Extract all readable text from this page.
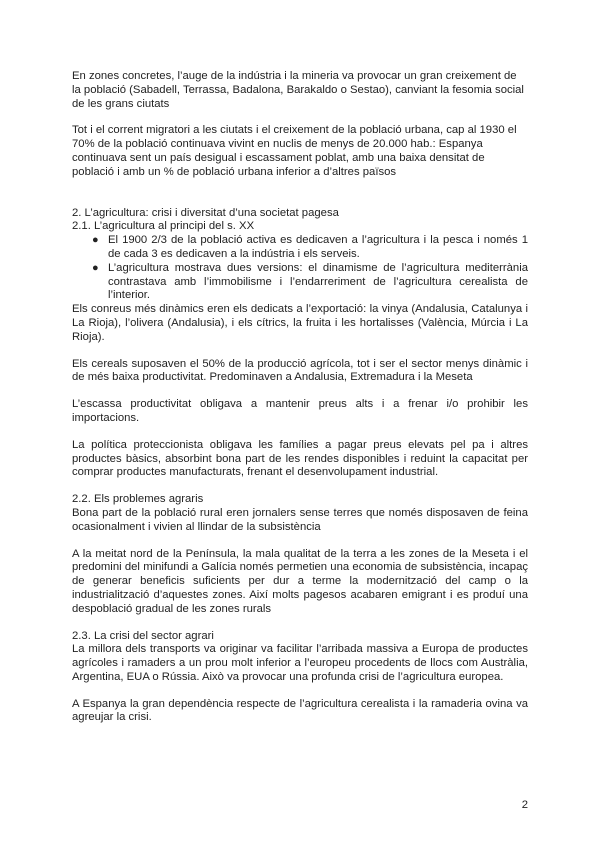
En zones concretes, l’auge de la indústria i la mineria va provocar un gran creixement de la població (Sabadell, Terrassa, Badalona, Barakaldo o Sestao), canviant la fesomia social de les grans ciutats

Tot i el corrent migratori a les ciutats i el creixement de la població urbana, cap al 1930 el 70% de la població continuava vivint en nuclis de menys de 20.000 hab.: Espanya continuava sent un país desigual i escassament poblat, amb una baixa densitat de població i amb un % de població urbana inferior a d’altres països

2. L’agricultura: crisi i diversitat d’una societat pagesa

2.1. L’agricultura al principi del s. XX

● El 1900 2/3 de la població activa es dedicaven a l’agricultura i la pesca i només 1 de cada 3 es dedicaven a la indústria i els serveis.
● L’agricultura mostrava dues versions: el dinamisme de l’agricultura mediterrània contrastava amb l’immobilisme i l’endarreriment de l’agricultura cerealista de l’interior.

Els conreus més dinàmics eren els dedicats a l’exportació: la vinya (Andalusia, Catalunya i La Rioja), l’olivera (Andalusia), i els cítrics, la fruita i les hortalisses (València, Múrcia i La Rioja).

Els cereals suposaven el 50% de la producció agrícola, tot i ser el sector menys dinàmic i de més baixa productivitat. Predominaven a Andalusia, Extremadura i la Meseta

L’escassa productivitat obligava a mantenir preus alts i a frenar i/o prohibir les importacions.

La política proteccionista obligava les famílies a pagar preus elevats pel pa i altres productes bàsics, absorbint bona part de les rendes disponibles i reduint la capacitat per comprar productes manufacturats, frenant el desenvolupament industrial.

2.2. Els problemes agraris

Bona part de la població rural eren jornalers sense terres que només disposaven de feina ocasionalment i vivien al llindar de la subsistència

A la meitat nord de la Península, la mala qualitat de la terra a les zones de la Meseta i el predomini del minifundi a Galícia només permetien una economia de subsistència, incapaç de generar beneficis suficients per dur a terme la modernització del camp o la industrialització d’aquestes zones. Així molts pagesos acabaren emigrant i es produí una despoblació gradual de les zones rurals

2.3. La crisi del sector agrari

La millora dels transports va originar va facilitar l’arribada massiva a Europa de productes agrícoles i ramaders a un prou molt inferior a l’europeu procedents de llocs com Austràlia, Argentina, EUA o Rússia. Això va provocar una profunda crisi de l’agricultura europea.

A Espanya la gran dependència respecte de l’agricultura cerealista i la ramaderia ovina va agreujar la crisi.

2
